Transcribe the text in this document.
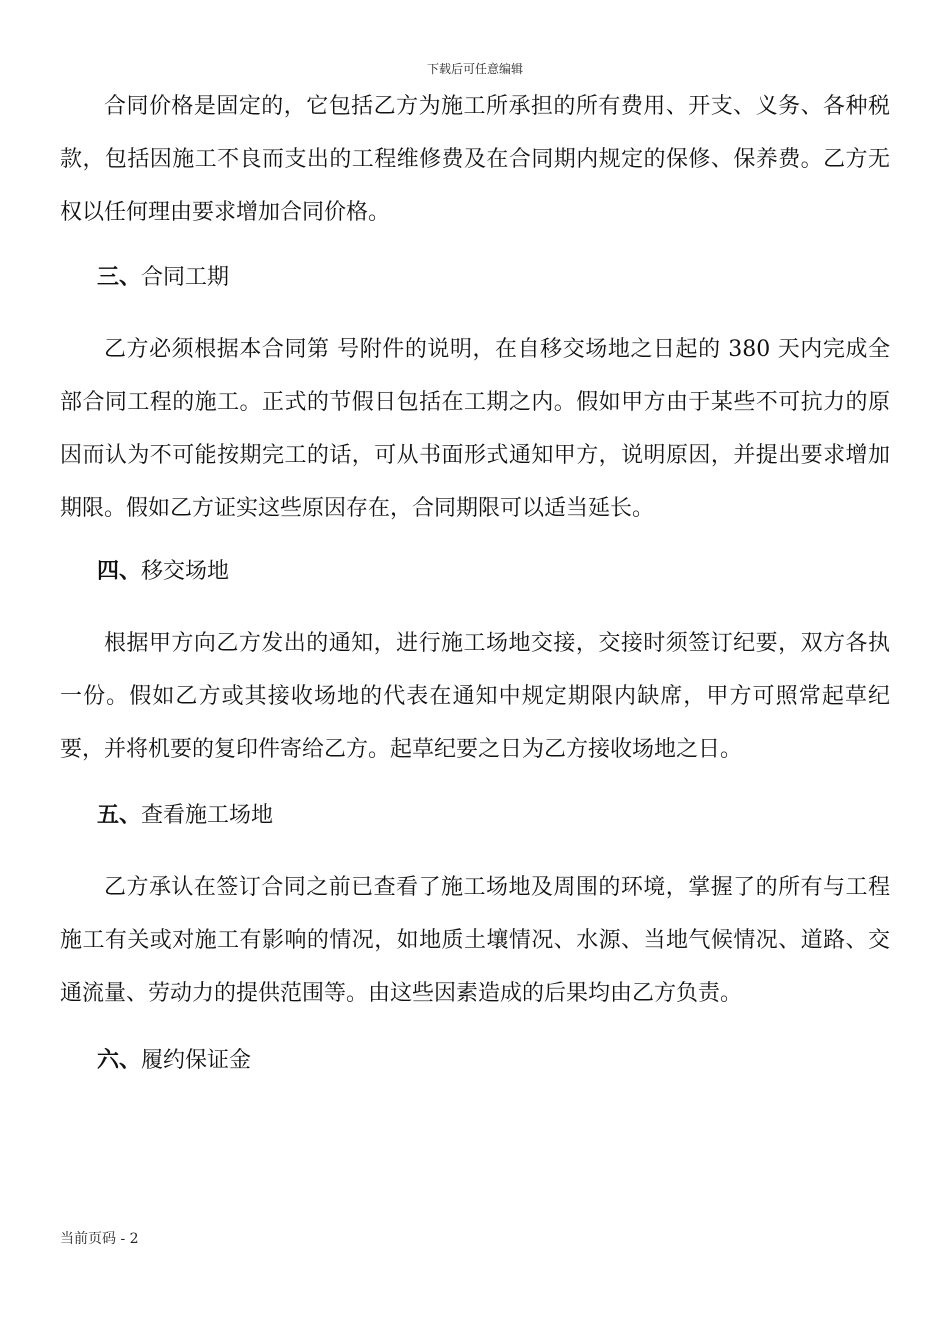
下载后可任意编辑

合同价格是固定的，它包括乙方为施工所承担的所有费用、开支、义务、各种税款，包括因施工不良而支出的工程维修费及在合同期内规定的保修、保养费。乙方无权以任何理由要求增加合同价格。

三、合同工期

乙方必须根据本合同第 号附件的说明，在自移交场地之日起的 380 天内完成全部合同工程的施工。正式的节假日包括在工期之内。假如甲方由于某些不可抗力的原因而认为不可能按期完工的话，可从书面形式通知甲方，说明原因，并提出要求增加期限。假如乙方证实这些原因存在，合同期限可以适当延长。

四、移交场地

根据甲方向乙方发出的通知，进行施工场地交接，交接时须签订纪要，双方各执一份。假如乙方或其接收场地的代表在通知中规定期限内缺席，甲方可照常起草纪要，并将机要的复印件寄给乙方。起草纪要之日为乙方接收场地之日。

五、查看施工场地

乙方承认在签订合同之前已查看了施工场地及周围的环境，掌握了的所有与工程施工有关或对施工有影响的情况，如地质土壤情况、水源、当地气候情况、道路、交通流量、劳动力的提供范围等。由这些因素造成的后果均由乙方负责。

六、履约保证金
当前页码 - 2
